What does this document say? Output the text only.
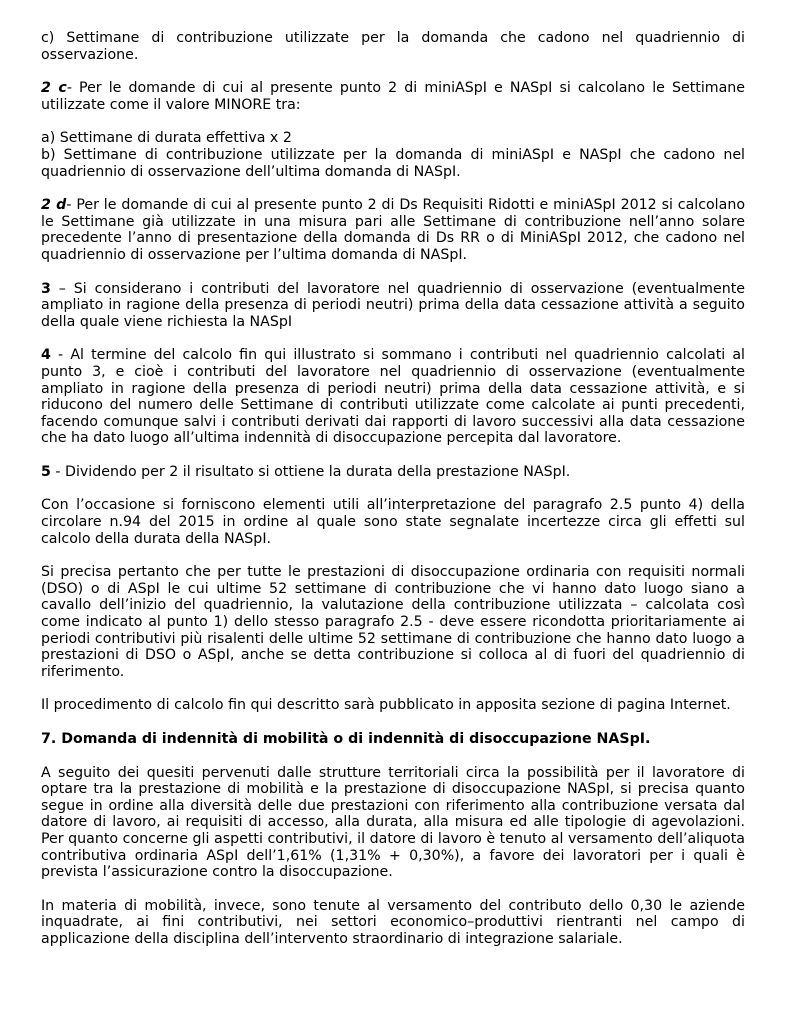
c) Settimane di contribuzione utilizzate per la domanda che cadono nel quadriennio di osservazione.

2 c- Per le domande di cui al presente punto 2 di miniASpI e NASpI si calcolano le Settimane utilizzate come il valore MINORE tra:

a) Settimane di durata effettiva x 2

b) Settimane di contribuzione utilizzate per la domanda di miniASpI e NASpI che cadono nel quadriennio di osservazione dell’ultima domanda di NASpI.

2 d- Per le domande di cui al presente punto 2 di Ds Requisiti Ridotti e miniASpI 2012 si calcolano le Settimane già utilizzate in una misura pari alle Settimane di contribuzione nell’anno solare precedente l’anno di presentazione della domanda di Ds RR o di MiniASpI 2012, che cadono nel quadriennio di osservazione per l’ultima domanda di NASpI.

3 – Si considerano i contributi del lavoratore nel quadriennio di osservazione (eventualmente ampliato in ragione della presenza di periodi neutri) prima della data cessazione attività a seguito della quale viene richiesta la NASpI

4 - Al termine del calcolo fin qui illustrato si sommano i contributi nel quadriennio calcolati al punto 3, e cioè i contributi del lavoratore nel quadriennio di osservazione (eventualmente ampliato in ragione della presenza di periodi neutri) prima della data cessazione attività, e si riducono del numero delle Settimane di contributi utilizzate come calcolate ai punti precedenti, facendo comunque salvi i contributi derivati dai rapporti di lavoro successivi alla data cessazione che ha dato luogo all’ultima indennità di disoccupazione percepita dal lavoratore.

5 - Dividendo per 2 il risultato si ottiene la durata della prestazione NASpI.

Con l’occasione si forniscono elementi utili all’interpretazione del paragrafo 2.5 punto 4) della circolare n.94 del 2015 in ordine al quale sono state segnalate incertezze circa gli effetti sul calcolo della durata della NASpI.

Si precisa pertanto che per tutte le prestazioni di disoccupazione ordinaria con requisiti normali (DSO) o di ASpI le cui ultime 52 settimane di contribuzione che vi hanno dato luogo siano a cavallo dell’inizio del quadriennio, la valutazione della contribuzione utilizzata – calcolata così come indicato al punto 1) dello stesso paragrafo 2.5 - deve essere ricondotta prioritariamente ai periodi contributivi più risalenti delle ultime 52 settimane di contribuzione che hanno dato luogo a prestazioni di DSO o ASpI, anche se detta contribuzione si colloca al di fuori del quadriennio di riferimento.

Il procedimento di calcolo fin qui descritto sarà pubblicato in apposita sezione di pagina Internet.

7. Domanda di indennità di mobilità o di indennità di disoccupazione NASpI.

A seguito dei quesiti pervenuti dalle strutture territoriali circa la possibilità per il lavoratore di optare tra la prestazione di mobilità e la prestazione di disoccupazione NASpI, si precisa quanto segue in ordine alla diversità delle due prestazioni con riferimento alla contribuzione versata dal datore di lavoro, ai requisiti di accesso, alla durata, alla misura ed alle tipologie di agevolazioni. Per quanto concerne gli aspetti contributivi, il datore di lavoro è tenuto al versamento dell’aliquota contributiva ordinaria ASpI dell’1,61% (1,31% + 0,30%), a favore dei lavoratori per i quali è prevista l’assicurazione contro la disoccupazione.

In materia di mobilità, invece, sono tenute al versamento del contributo dello 0,30 le aziende inquadrate, ai fini contributivi, nei settori economico–produttivi rientranti nel campo di applicazione della disciplina dell’intervento straordinario di integrazione salariale.
